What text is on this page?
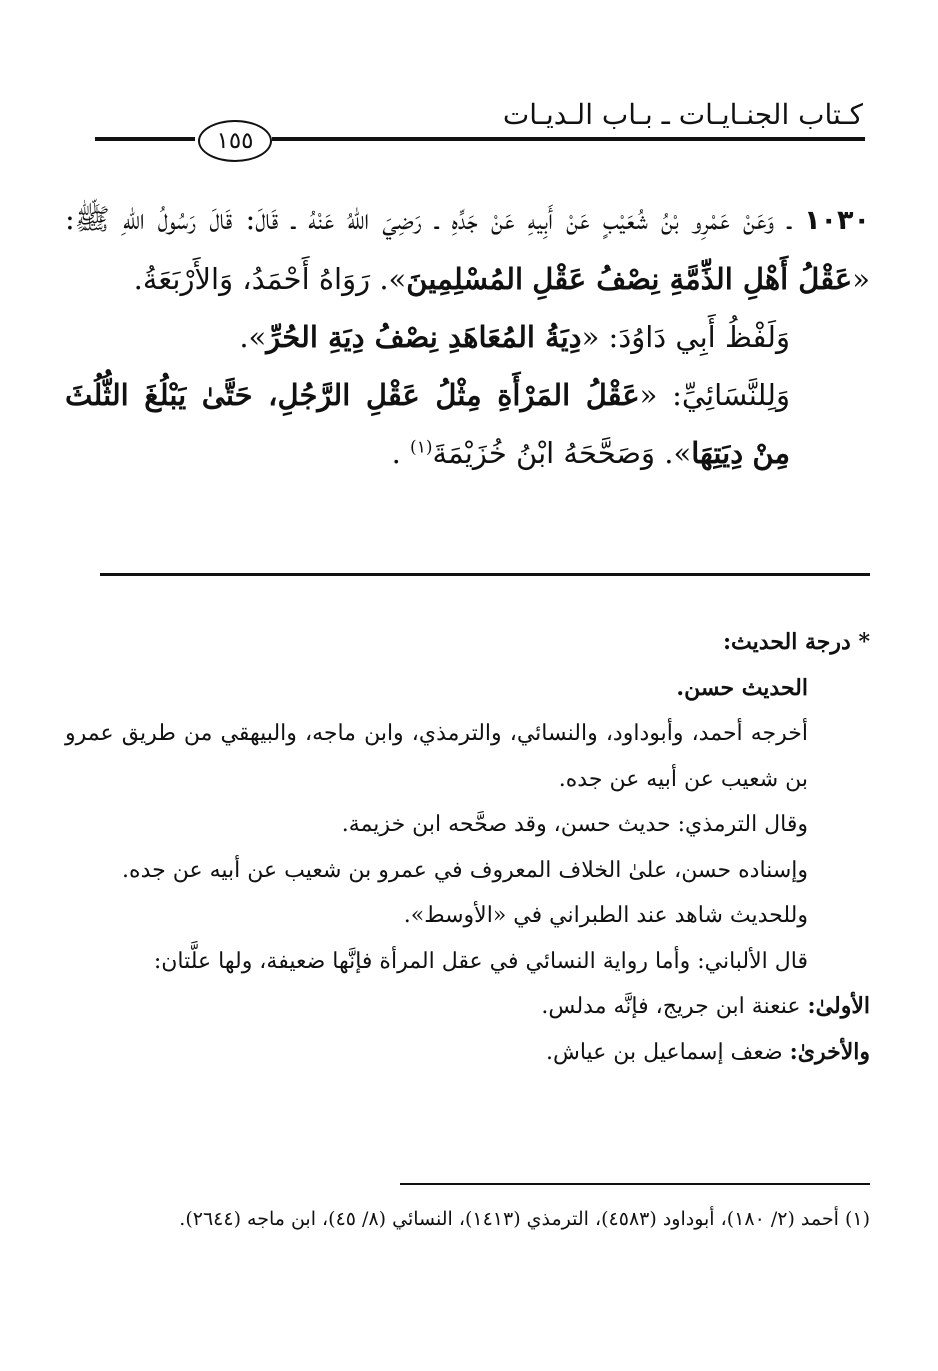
كـتاب الجنـايـات ـ بـاب الـديـات
١٥٥

١٠٣٠ ـ وَعَنْ عَمْرِو بْنُ شُعَيْبٍ عَنْ أَبِيهِ عَنْ جَدِّهِ ـ رَضِيَ اللهُ عَنْهُ ـ قَالَ: قَالَ رَسُولُ اللهِ ﷺ: «عَقْلُ أَهْلِ الذِّمَّةِ نِصْفُ عَقْلِ المُسْلِمِينَ». رَوَاهُ أَحْمَدُ، وَالأَرْبَعَةُ.

وَلَفْظُ أَبِي دَاوُدَ: «دِيَةُ المُعَاهَدِ نِصْفُ دِيَةِ الحُرِّ».

وَلِلنَّسَائِيِّ: «عَقْلُ المَرْأَةِ مِثْلُ عَقْلِ الرَّجُلِ، حَتَّىٰ يَبْلُغَ الثُّلُثَ مِنْ دِيَتِهَا». وَصَحَّحَهُ ابْنُ خُزَيْمَةَ$^{(١)}$ .

* درجة الحديث:

الحديث حسن.

أخرجه أحمد، وأبوداود، والنسائي، والترمذي، وابن ماجه، والبيهقي من طريق عمرو بن شعيب عن أبيه عن جده.

وقال الترمذي: حديث حسن، وقد صحَّحه ابن خزيمة.

وإسناده حسن، علىٰ الخلاف المعروف في عمرو بن شعيب عن أبيه عن جده.

وللحديث شاهد عند الطبراني في «الأوسط».

قال الألباني: وأما رواية النسائي في عقل المرأة فإنَّها ضعيفة، ولها علَّتان:

الأولىٰ: عنعنة ابن جريج، فإنَّه مدلس.

والأخرىٰ: ضعف إسماعيل بن عياش.

(١) أحمد (٢/ ١٨٠)، أبوداود (٤٥٨٣)، الترمذي (١٤١٣)، النسائي (٨/ ٤٥)، ابن ماجه (٢٦٤٤).
